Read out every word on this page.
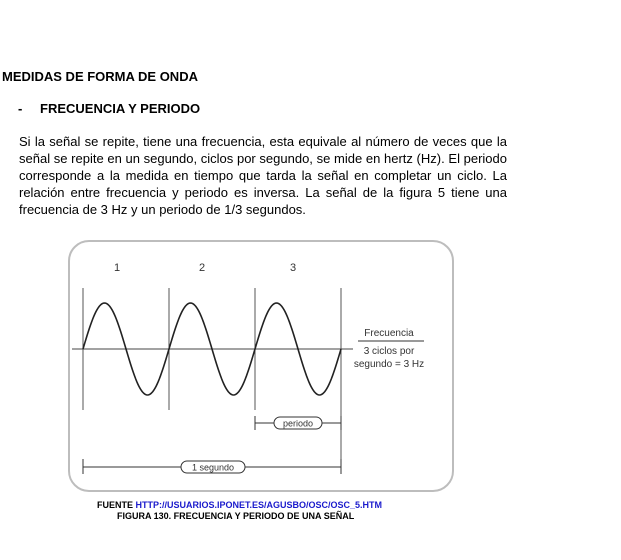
MEDIDAS DE FORMA DE ONDA
- FRECUENCIA Y PERIODO

Si la señal se repite, tiene una frecuencia, esta equivale al número de veces que la señal se repite en un segundo, ciclos por segundo, se mide en hertz (Hz). El periodo corresponde a la medida en tiempo que tarda la señal en completar un ciclo. La relación entre frecuencia y periodo es inversa. La señal de la figura 5 tiene una frecuencia de 3 Hz y un periodo de 1/3 segundos.

1	2	3
Frecuencia
3 ciclos por
segundo = 3 Hz
periodo
1 segundo

FUENTE HTTP://USUARIOS.IPONET.ES/AGUSBO/OSC/OSC_5.HTM

FIGURA 130. FRECUENCIA Y PERIODO DE UNA SEÑAL
